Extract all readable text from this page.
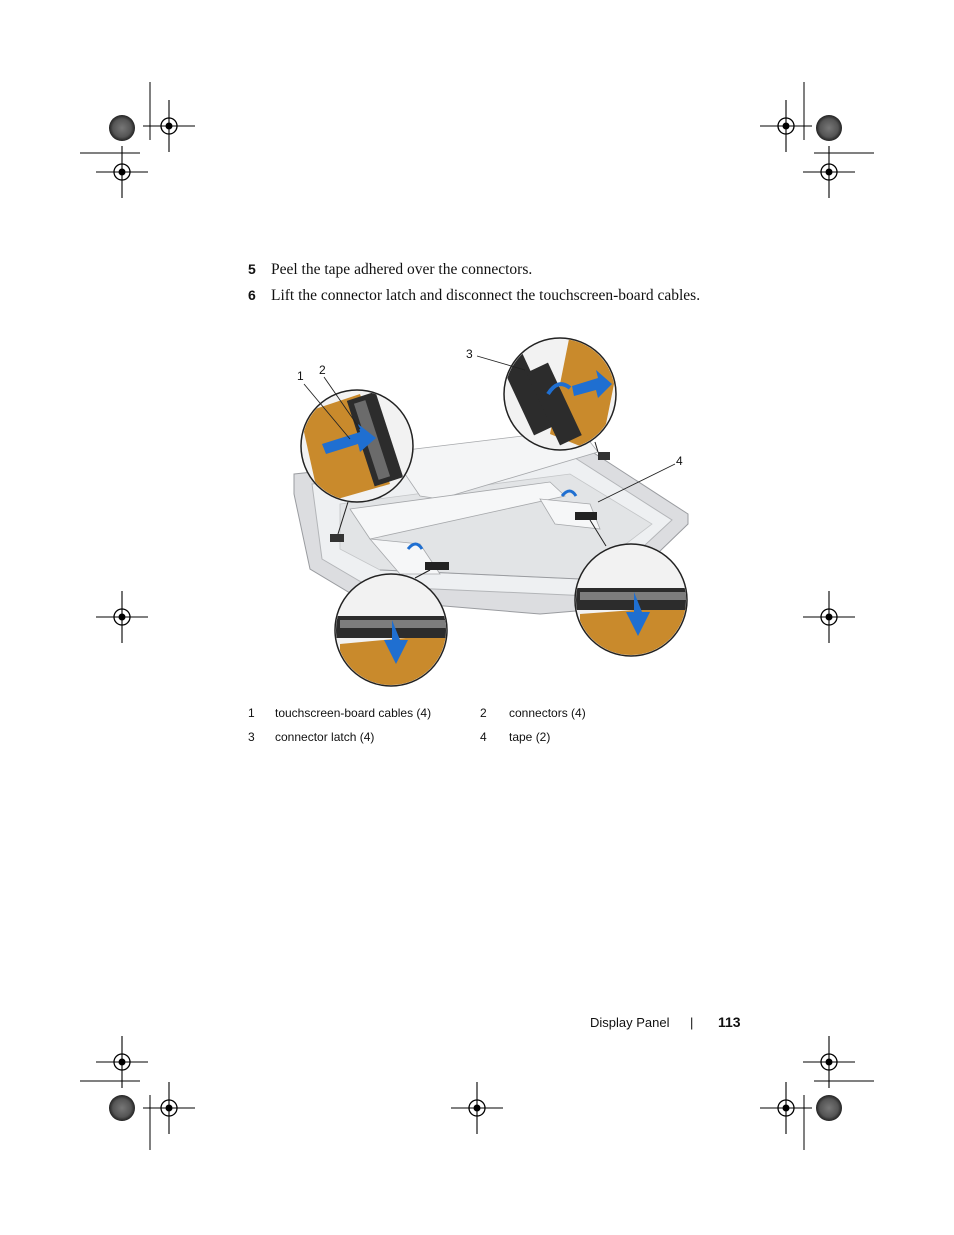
5 Peel the tape adhered over the connectors.
6 Lift the connector latch and disconnect the touchscreen-board cables.
1 2
3
4
1 touchscreen-board cables (4)	2 connectors (4)
3 connector latch (4)	4 tape (2)
Display Panel | 113
